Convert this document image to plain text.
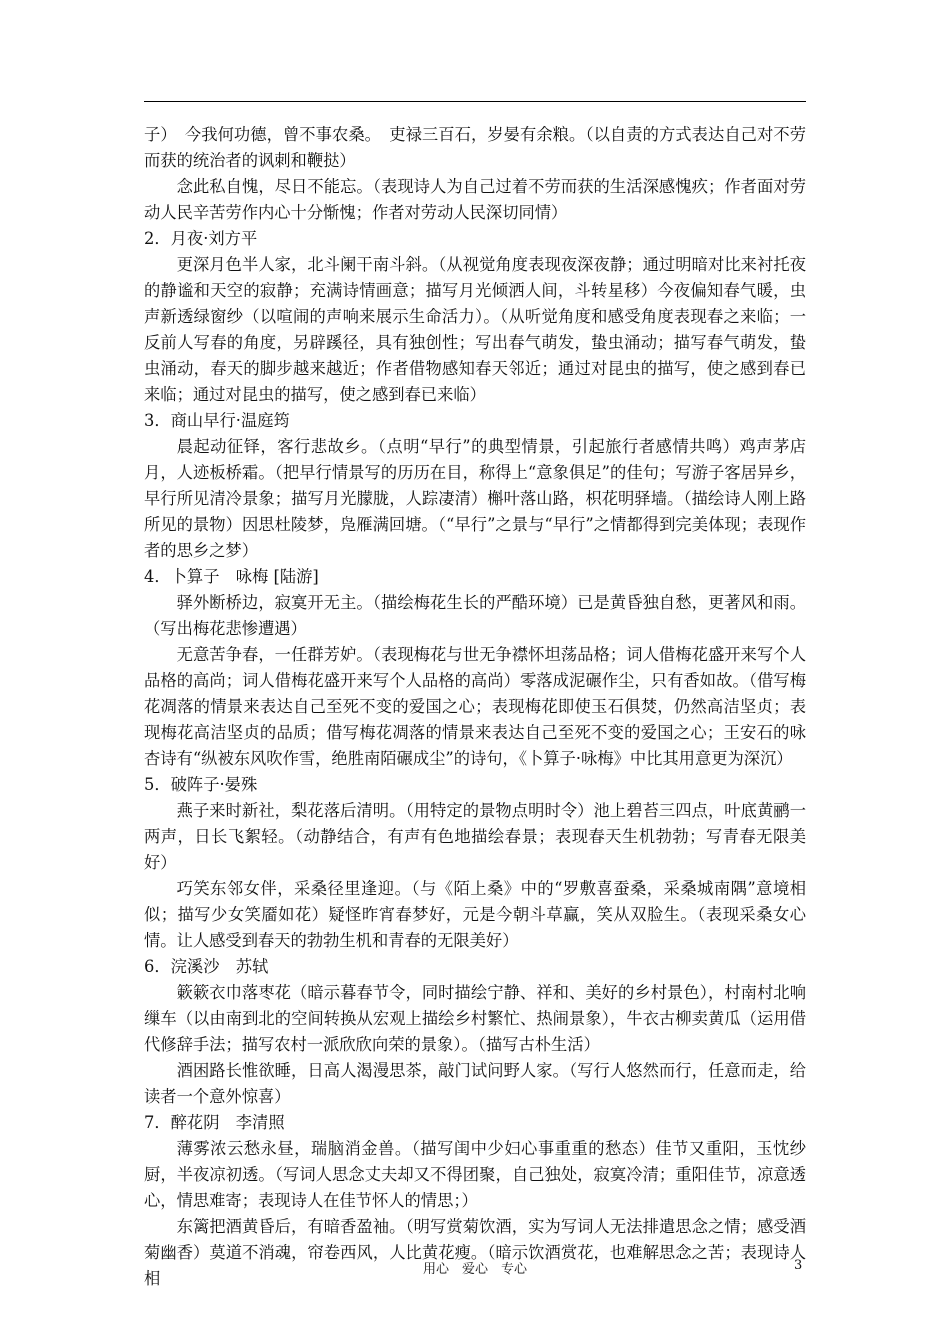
子）　今我何功德，曾不事农桑。　吏禄三百石，岁晏有余粮。（以自责的方式表达自己对不劳而获的统治者的讽刺和鞭挞）

念此私自愧，尽日不能忘。（表现诗人为自己过着不劳而获的生活深感愧疚；作者面对劳动人民辛苦劳作内心十分惭愧；作者对劳动人民深切同情）

2．月夜·刘方平

更深月色半人家，北斗阑干南斗斜。（从视觉角度表现夜深夜静；通过明暗对比来衬托夜的静谧和天空的寂静；充满诗情画意；描写月光倾洒人间，斗转星移）今夜偏知春气暖，虫声新透绿窗纱（以喧闹的声响来展示生命活力）。（从听觉角度和感受角度表现春之来临；一反前人写春的角度，另辟蹊径，具有独创性；写出春气萌发，蛰虫涌动；描写春气萌发，蛰虫涌动，春天的脚步越来越近；作者借物感知春天邻近；通过对昆虫的描写，使之感到春已来临；通过对昆虫的描写，使之感到春已来临）

3．商山早行·温庭筠

晨起动征铎，客行悲故乡。（点明“早行”的典型情景，引起旅行者感情共鸣）鸡声茅店月，人迹板桥霜。（把早行情景写的历历在目，称得上“意象俱足”的佳句；写游子客居异乡，早行所见清冷景象；描写月光朦胧，人踪凄清）槲叶落山路，枳花明驿墙。（描绘诗人刚上路所见的景物）因思杜陵梦，凫雁满回塘。（“早行”之景与“早行”之情都得到完美体现；表现作者的思乡之梦）

4．卜算子　咏梅 [陆游]

驿外断桥边，寂寞开无主。（描绘梅花生长的严酷环境）已是黄昏独自愁，更著风和雨。（写出梅花悲惨遭遇）

无意苦争春，一任群芳妒。（表现梅花与世无争襟怀坦荡品格；词人借梅花盛开来写个人品格的高尚；词人借梅花盛开来写个人品格的高尚）零落成泥碾作尘，只有香如故。（借写梅花凋落的情景来表达自己至死不变的爱国之心；表现梅花即使玉石俱焚，仍然高洁坚贞；表现梅花高洁坚贞的品质；借写梅花凋落的情景来表达自己至死不变的爱国之心；王安石的咏杏诗有“纵被东风吹作雪，绝胜南陌碾成尘”的诗句，《卜算子·咏梅》中比其用意更为深沉）

5．破阵子·晏殊

燕子来时新社，梨花落后清明。（用特定的景物点明时令）池上碧苔三四点，叶底黄鹂一两声，日长飞絮轻。（动静结合，有声有色地描绘春景；表现春天生机勃勃；写青春无限美好）

巧笑东邻女伴，采桑径里逢迎。（与《陌上桑》中的“罗敷喜蚕桑，采桑城南隅”意境相似；描写少女笑靥如花）疑怪昨宵春梦好，元是今朝斗草赢，笑从双脸生。（表现采桑女心情。让人感受到春天的勃勃生机和青春的无限美好）

6．浣溪沙　苏轼

簌簌衣巾落枣花（暗示暮春节令，同时描绘宁静、祥和、美好的乡村景色），村南村北响缫车（以由南到北的空间转换从宏观上描绘乡村繁忙、热闹景象），牛衣古柳卖黄瓜（运用借代修辞手法；描写农村一派欣欣向荣的景象）。（描写古朴生活）

酒困路长惟欲睡，日高人渴漫思茶，敲门试问野人家。（写行人悠然而行，任意而走，给读者一个意外惊喜）

7．醉花阴　李清照

薄雾浓云愁永昼，瑞脑消金兽。（描写闺中少妇心事重重的愁态）佳节又重阳，玉忱纱厨，半夜凉初透。（写词人思念丈夫却又不得团聚，自己独处，寂寞冷清；重阳佳节，凉意透心，情思难寄；表现诗人在佳节怀人的情思；）

东篱把酒黄昏后，有暗香盈袖。（明写赏菊饮酒，实为写词人无法排遣思念之情；感受酒菊幽香）莫道不消魂，帘卷西风，人比黄花瘦。（暗示饮酒赏花，也难解思念之苦；表现诗人相	用心　爱心　专心	3
